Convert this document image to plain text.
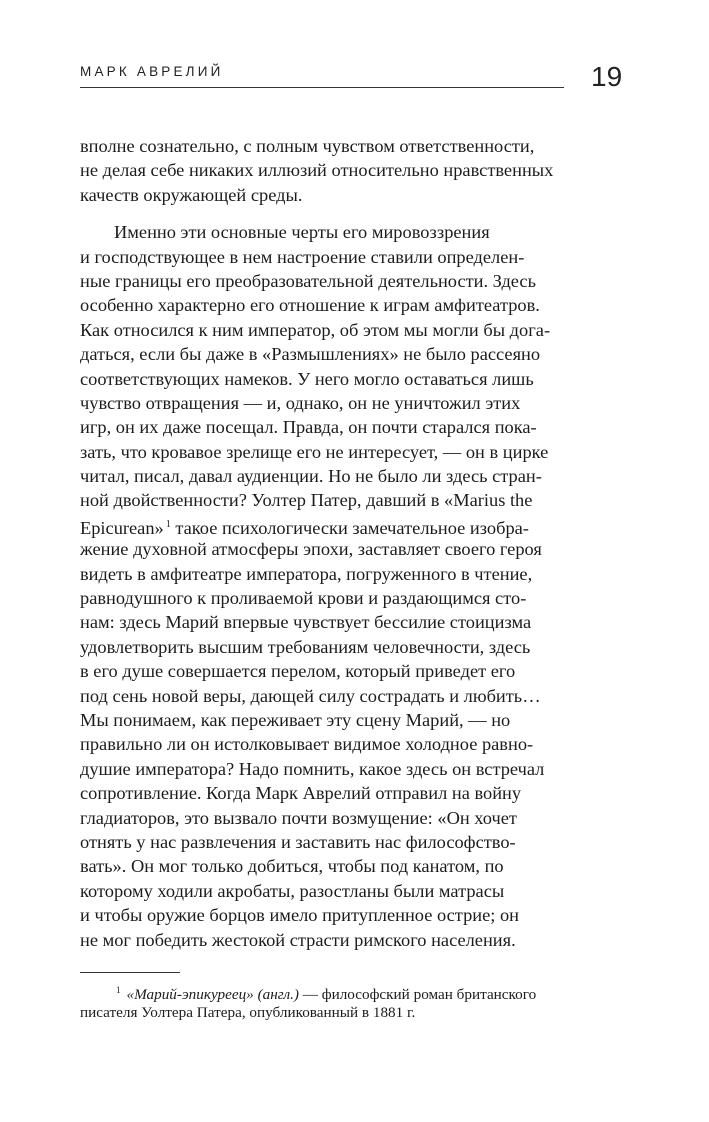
МАРК АВРЕЛИЙ	19
вполне сознательно, с полным чувством ответственности,
не делая себе никаких иллюзий относительно нравственных
качеств окружающей среды.
Именно эти основные черты его мировоззрения
и господствующее в нем настроение ставили определен-
ные границы его преобразовательной деятельности. Здесь
особенно характерно его отношение к играм амфитеатров.
Как относился к ним император, об этом мы могли бы дога-
даться, если бы даже в «Размышлениях» не было рассеяно
соответствующих намеков. У него могло оставаться лишь
чувство отвращения — и, однако, он не уничтожил этих
игр, он их даже посещал. Правда, он почти старался пока-
зать, что кровавое зрелище его не интересует, — он в цирке
читал, писал, давал аудиенции. Но не было ли здесь стран-
ной двойственности? Уолтер Патер, давший в «Marius the
Epicurean» $^1$ такое психологически замечательное изобра-
жение духовной атмосферы эпохи, заставляет своего героя
видеть в амфитеатре императора, погруженного в чтение,
равнодушного к проливаемой крови и раздающимся сто-
нам: здесь Марий впервые чувствует бессилие стоицизма
удовлетворить высшим требованиям человечности, здесь
в его душе совершается перелом, который приведет его
под сень новой веры, дающей силу сострадать и любить…
Мы понимаем, как переживает эту сцену Марий, — но
правильно ли он истолковывает видимое холодное равно-
душие императора? Надо помнить, какое здесь он встречал
сопротивление. Когда Марк Аврелий отправил на войну
гладиаторов, это вызвало почти возмущение: «Он хочет
отнять у нас развлечения и заставить нас философство-
вать». Он мог только добиться, чтобы под канатом, по
которому ходили акробаты, разостланы были матрасы
и чтобы оружие борцов имело притупленное острие; он
не мог победить жестокой страсти римского населения.
$^1$ «Марий-эпикуреец» (англ.) — философский роман британского
писателя Уолтера Патера, опубликованный в 1881 г.
